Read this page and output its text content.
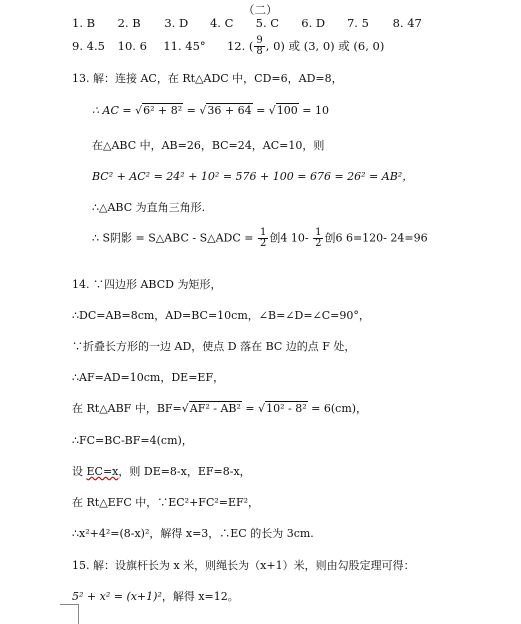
（二）
1. B 2. B 3. D 4. C 5. C 6. D 7. 5 8. 47
9. 4.5 10. 6 11. 45° 12. ( $\frac{9}{8}$ , 0) 或 (3, 0) 或 (6, 0)
13. 解：连接 AC，在 Rt△ADC 中，CD=6，AD=8，
∴ AC = √6² + 8² = √36 + 64 = √100 = 10
在△ABC 中，AB=26，BC=24，AC=10，则
BC² + AC² = 24² + 10² = 576 + 100 = 676 = 26² = AB²，
∴△ABC 为直角三角形.
∴ S阴影 = S△ABC - S△ADC = $\frac{1}{2}$ 创4 $10- \frac{1}{2}$ 创6 6=120- 24=96
14. ∵四边形 ABCD 为矩形，
∴DC=AB=8cm，AD=BC=10cm，∠B=∠D=∠C=90°，
∵折叠长方形的一边 AD，使点 D 落在 BC 边的点 F 处，
∴AF=AD=10cm，DE=EF，
在 Rt△ABF 中，BF=√AF² - AB² = √10² - 8² = 6(cm)，
∴FC=BC-BF=4(cm)，
设 EC=x，则 DE=8-x，EF=8-x，
在 Rt△EFC 中，∵EC²+FC²=EF²，
∴x²+4²=(8-x)²，解得 x=3，∴EC 的长为 3cm.
15. 解：设旗杆长为 x 米，则绳长为（x+1）米，则由勾股定理可得：
5² + x² = (x+1)²，解得 x=12。
